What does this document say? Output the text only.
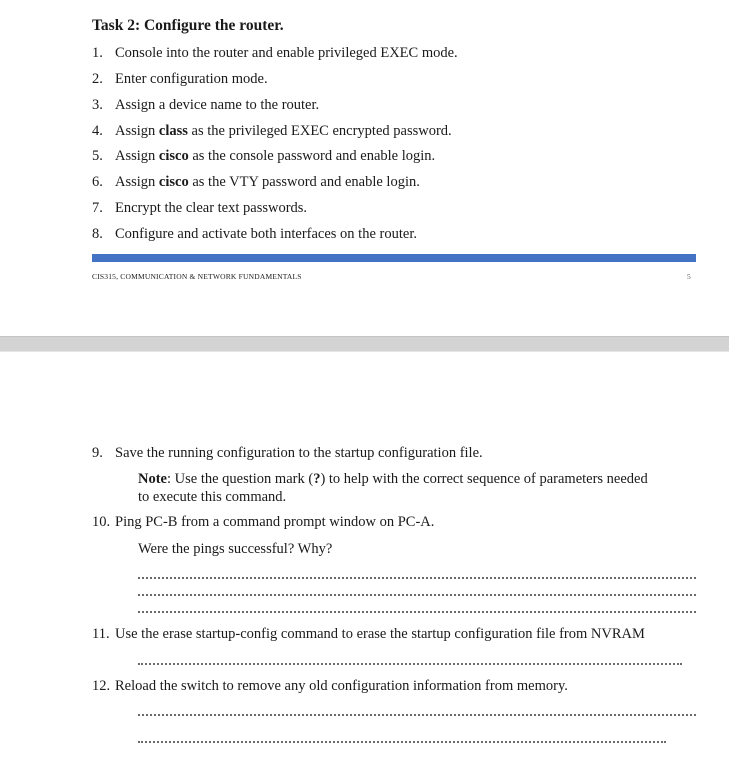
Task 2: Configure the router.
1. Console into the router and enable privileged EXEC mode.
2. Enter configuration mode.
3. Assign a device name to the router.
4. Assign class as the privileged EXEC encrypted password.
5. Assign cisco as the console password and enable login.
6. Assign cisco as the VTY password and enable login.
7. Encrypt the clear text passwords.
8. Configure and activate both interfaces on the router.
CIS315, COMMUNICATION & NETWORK FUNDAMENTALS	5
9. Save the running configuration to the startup configuration file.
Note: Use the question mark (?) to help with the correct sequence of parameters needed
to execute this command.
10. Ping PC-B from a command prompt window on PC-A.
Were the pings successful? Why?
11. Use the erase startup-config command to erase the startup configuration file from NVRAM
12. Reload the switch to remove any old configuration information from memory.
